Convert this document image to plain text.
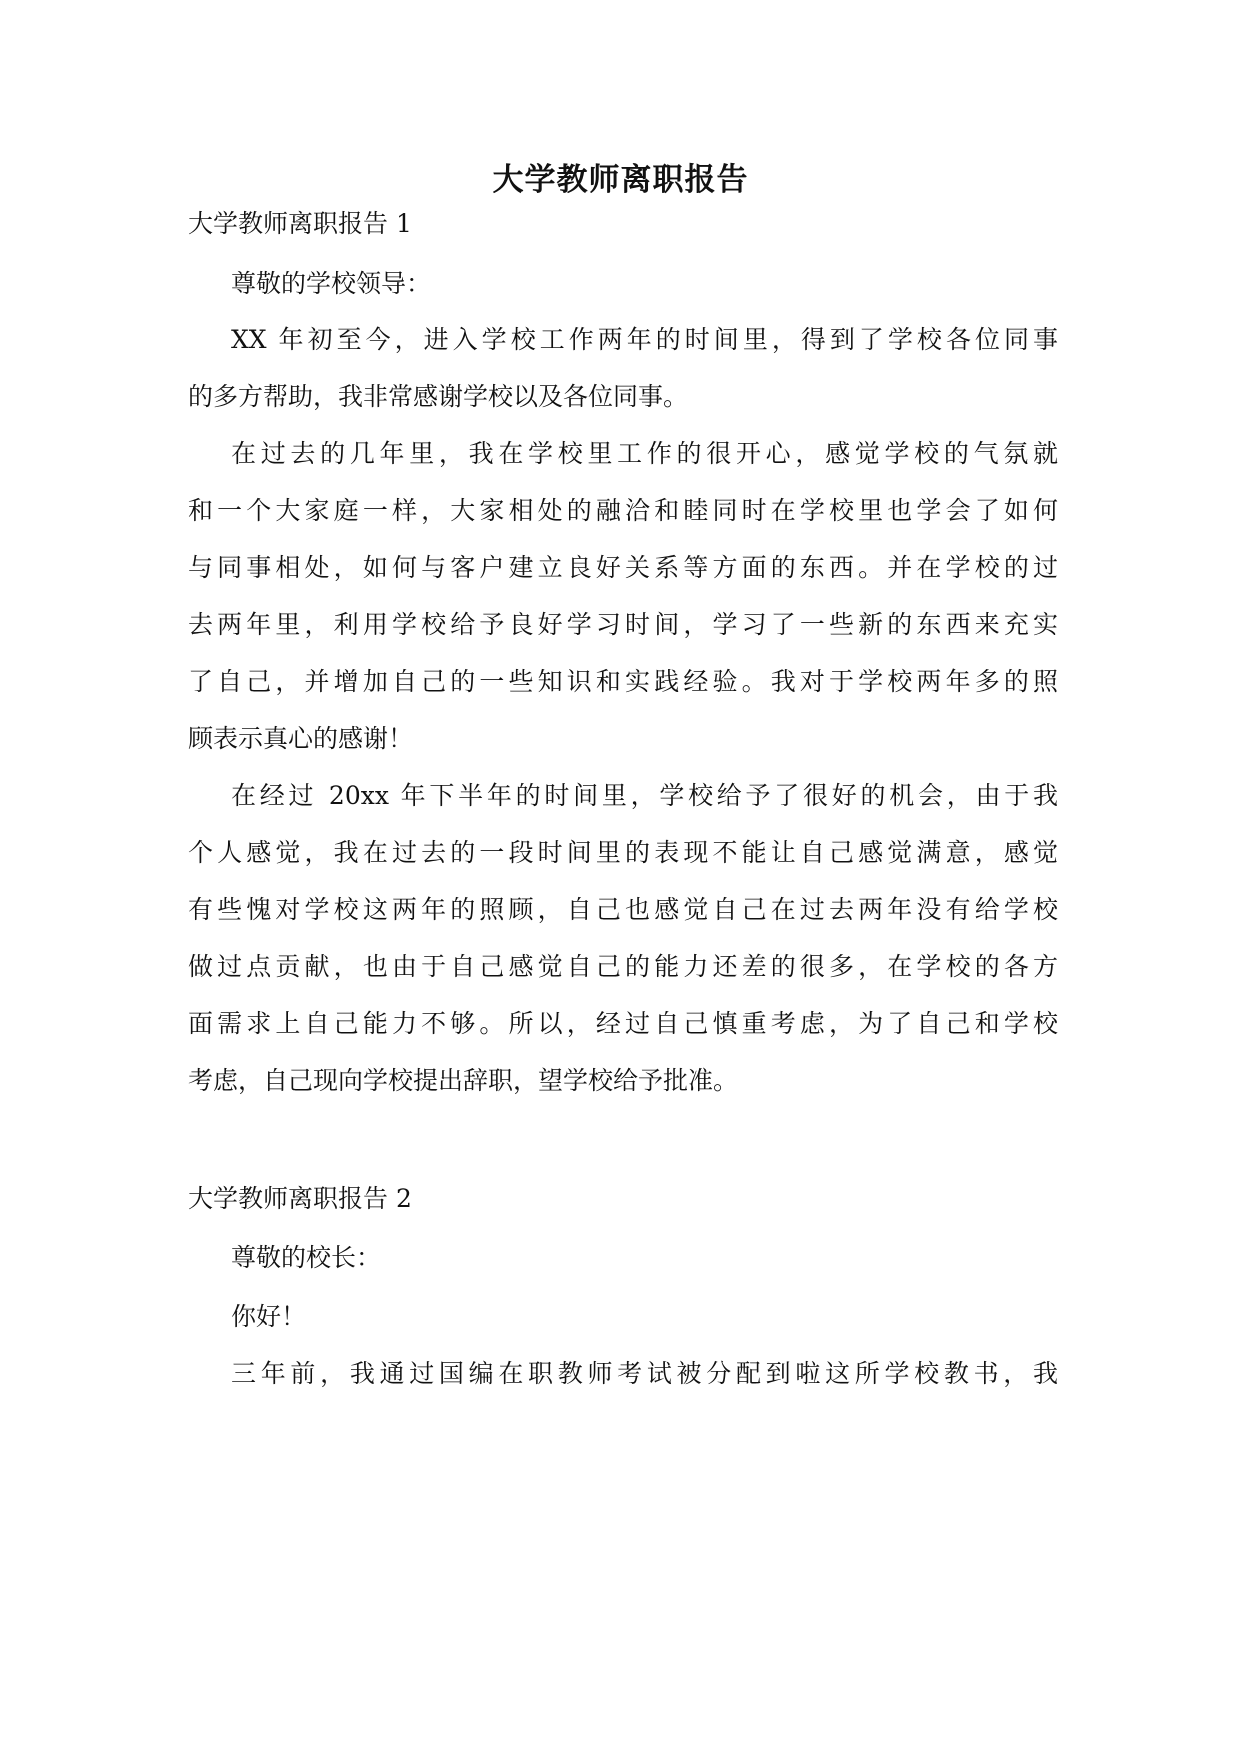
大学教师离职报告
大学教师离职报告 1
尊敬的学校领导：
XX 年初至今，进入学校工作两年的时间里，得到了学校各位同事
的多方帮助，我非常感谢学校以及各位同事。
在过去的几年里，我在学校里工作的很开心，感觉学校的气氛就
和一个大家庭一样，大家相处的融洽和睦同时在学校里也学会了如何
与同事相处，如何与客户建立良好关系等方面的东西。并在学校的过
去两年里，利用学校给予良好学习时间，学习了一些新的东西来充实
了自己，并增加自己的一些知识和实践经验。我对于学校两年多的照
顾表示真心的感谢！
在经过 20xx 年下半年的时间里，学校给予了很好的机会，由于我
个人感觉，我在过去的一段时间里的表现不能让自己感觉满意，感觉
有些愧对学校这两年的照顾，自己也感觉自己在过去两年没有给学校
做过点贡献，也由于自己感觉自己的能力还差的很多，在学校的各方
面需求上自己能力不够。所以，经过自己慎重考虑，为了自己和学校
考虑，自己现向学校提出辞职，望学校给予批准。
大学教师离职报告 2
尊敬的校长：
你好！
三年前，我通过国编在职教师考试被分配到啦这所学校教书，我
